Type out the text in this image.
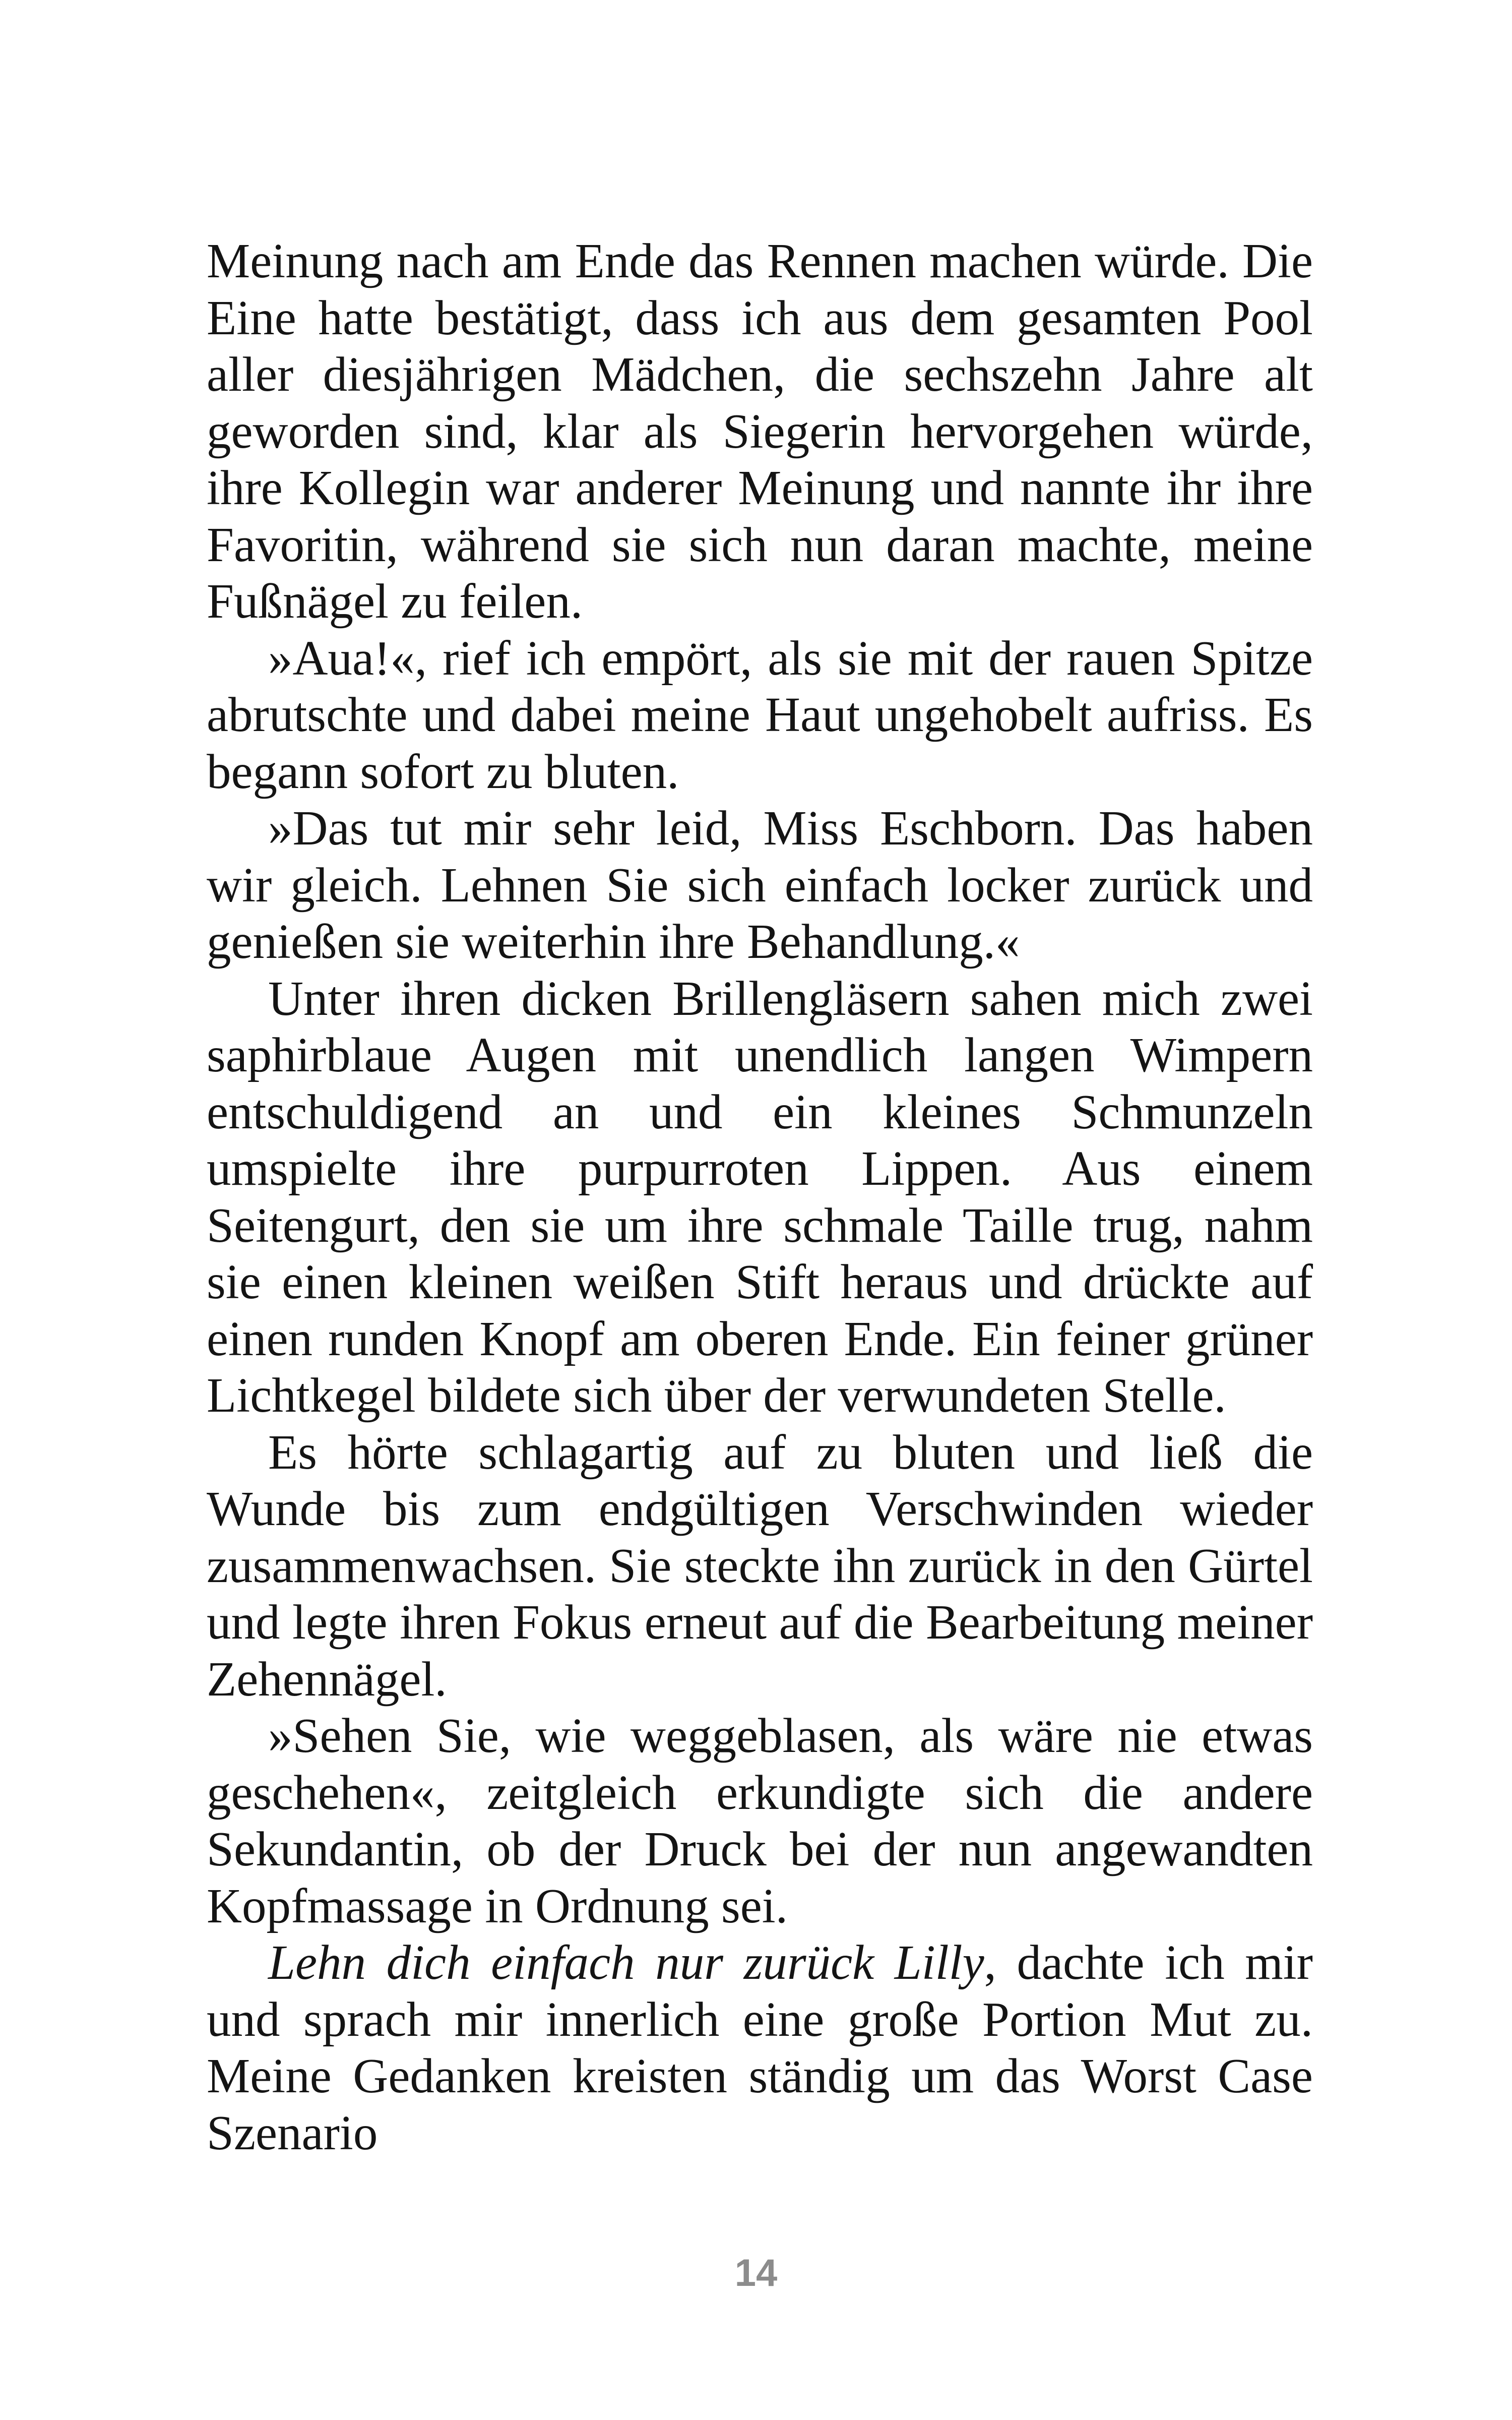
Meinung nach am Ende das Rennen machen würde. Die Eine hatte bestätigt, dass ich aus dem gesamten Pool aller diesjährigen Mädchen, die sechszehn Jahre alt geworden sind, klar als Siegerin hervorgehen würde, ihre Kollegin war anderer Meinung und nannte ihr ihre Favoritin, während sie sich nun daran machte, meine Fußnägel zu feilen.

»Aua!«, rief ich empört, als sie mit der rauen Spitze abrutschte und dabei meine Haut ungehobelt aufriss. Es begann sofort zu bluten.

»Das tut mir sehr leid, Miss Eschborn. Das haben wir gleich. Lehnen Sie sich einfach locker zurück und genießen sie weiterhin ihre Behandlung.«

Unter ihren dicken Brillengläsern sahen mich zwei saphirblaue Augen mit unendlich langen Wimpern entschuldigend an und ein kleines Schmunzeln umspielte ihre purpurroten Lippen. Aus einem Seitengurt, den sie um ihre schmale Taille trug, nahm sie einen kleinen weißen Stift heraus und drückte auf einen runden Knopf am oberen Ende. Ein feiner grüner Lichtkegel bildete sich über der verwundeten Stelle.

Es hörte schlagartig auf zu bluten und ließ die Wunde bis zum endgültigen Verschwinden wieder zusammenwachsen. Sie steckte ihn zurück in den Gürtel und legte ihren Fokus erneut auf die Bearbeitung meiner Zehennägel.

»Sehen Sie, wie weggeblasen, als wäre nie etwas geschehen«, zeitgleich erkundigte sich die andere Sekundantin, ob der Druck bei der nun angewandten Kopfmassage in Ordnung sei.

Lehn dich einfach nur zurück Lilly, dachte ich mir und sprach mir innerlich eine große Portion Mut zu. Meine Gedanken kreisten ständig um das Worst Case Szenario

14
